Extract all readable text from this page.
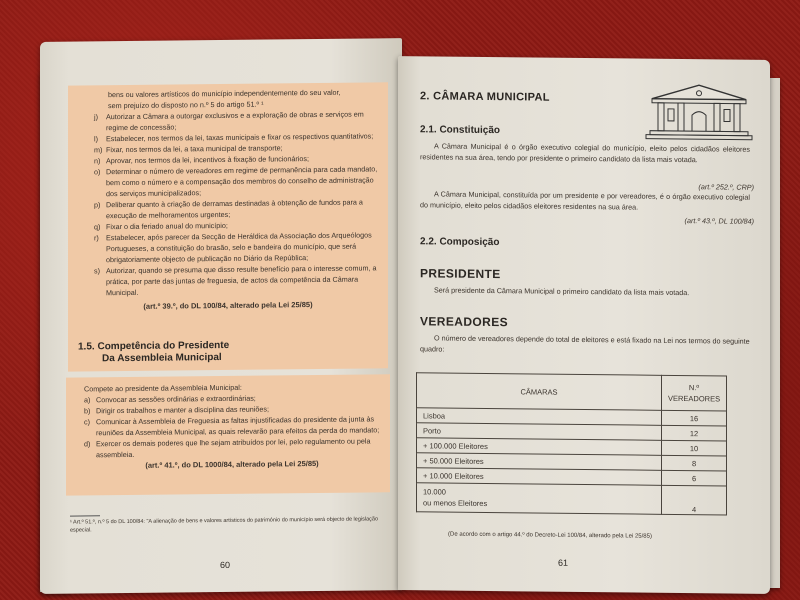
bens ou valores artísticos do município independentemente do seu valor,
sem prejuízo do disposto no n.º 5 do artigo 51.º ¹
j) Autorizar a Câmara a outorgar exclusivos e a exploração de obras e serviços em regime de concessão;
l) Estabelecer, nos termos da lei, taxas municipais e fixar os respectivos quantitativos;
m) Fixar, nos termos da lei, a taxa municipal de transporte;
n) Aprovar, nos termos da lei, incentivos à fixação de funcionários;
o) Determinar o número de vereadores em regime de permanência para cada mandato, bem como o número e a compensação dos membros do conselho de administração dos serviços municipalizados;
p) Deliberar quanto à criação de derramas destinadas à obtenção de fundos para a execução de melhoramentos urgentes;
q) Fixar o dia feriado anual do município;
r) Estabelecer, após parecer da Secção de Heráldica da Associação dos Arqueólogos Portugueses, a constituição do brasão, selo e bandeira do município, que será obrigatoriamente objecto de publicação no Diário da República;
s) Autorizar, quando se presuma que disso resulte benefício para o interesse comum, a prática, por parte das juntas de freguesia, de actos da competência da Câmara Municipal.
(art.º 39.º, do DL 100/84, alterado pela Lei 25/85)
1.5. Competência do Presidente
Da Assembleia Municipal
Compete ao presidente da Assembleia Municipal:
a) Convocar as sessões ordinárias e extraordinárias;
b) Dirigir os trabalhos e manter a disciplina das reuniões;
c) Comunicar à Assembleia de Freguesia as faltas injustificadas do presidente da junta às reuniões da Assembleia Municipal, as quais relevarão para efeitos da perda do mandato;
d) Exercer os demais poderes que lhe sejam atribuídos por lei, pelo regulamento ou pela assembleia.
(art.º 41.º, do DL 1000/84, alterado pela Lei 25/85)
¹ Art.º 51.º, n.º 5 do DL 100/84: "A alienação de bens e valores artísticos do património do município será objecto de legislação especial.
60
2. CÂMARA MUNICIPAL
2.1. Constituição
A Câmara Municipal é o órgão executivo colegial do município, eleito pelos cidadãos eleitores residentes na sua área, tendo por presidente o primeiro candidato da lista mais votada.
(art.º 252.º, CRP)
A Câmara Municipal, constituída por um presidente e por vereadores, é o órgão executivo colegial do município, eleito pelos cidadãos eleitores residentes na sua área.
(art.º 43.º, DL 100/84)
2.2. Composição
PRESIDENTE
Será presidente da Câmara Municipal o primeiro candidato da lista mais votada.
VEREADORES
O número de vereadores depende do total de eleitores e está fixado na Lei nos termos do seguinte quadro:
CÂMARAS	N.º
VEREADORES

Lisboa	16
Porto	12
+ 100.000 Eleitores	10
+ 50.000 Eleitores	8
+ 10.000 Eleitores	6

10.000
ou menos Eleitores	4
(De acordo com o artigo 44.º do Decreto-Lei 100/84, alterado pela Lei 25/85)
61
